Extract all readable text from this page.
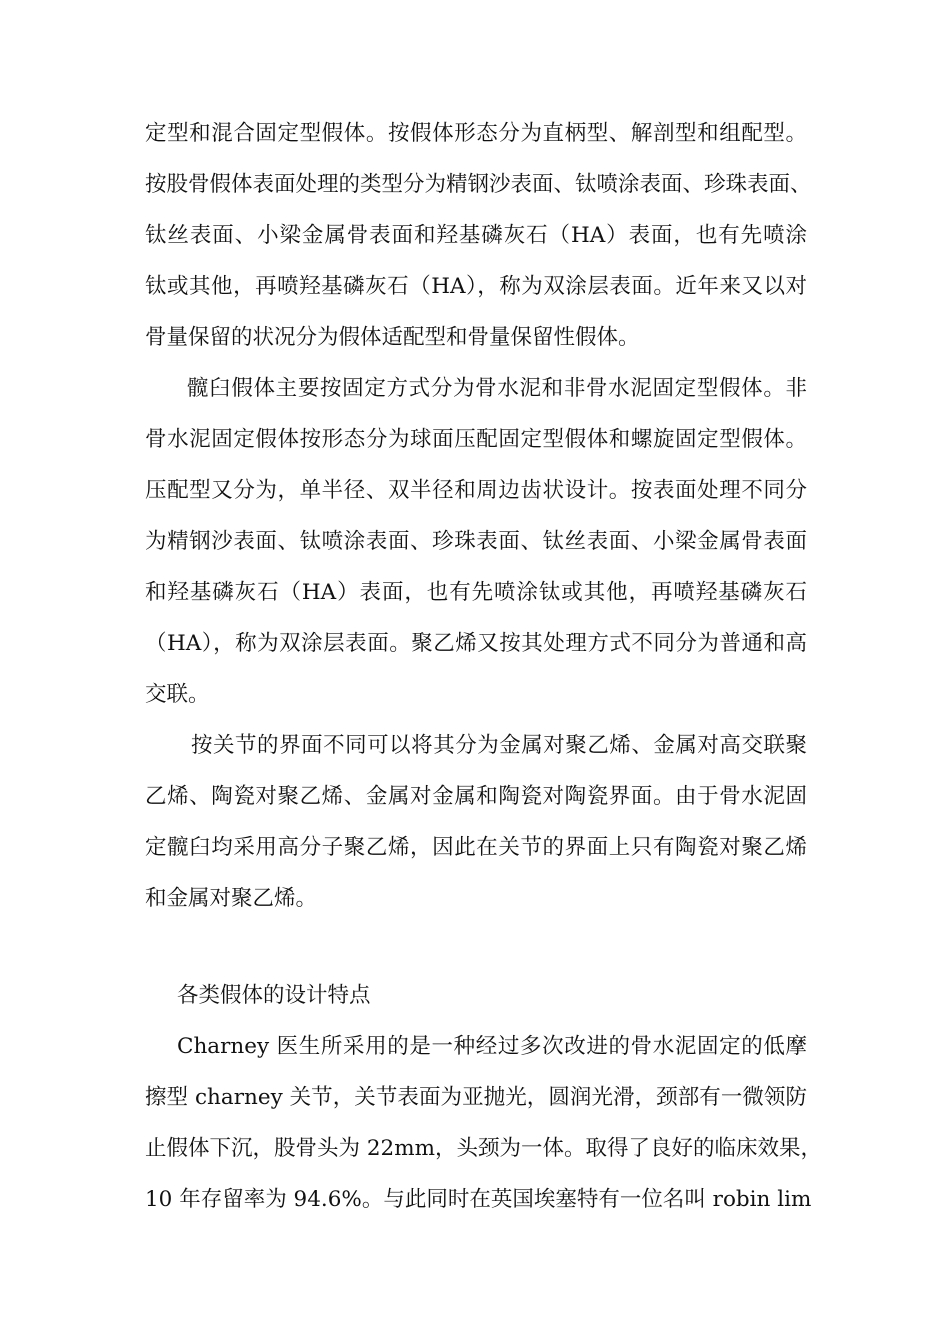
定型和混合固定型假体。按假体形态分为直柄型、解剖型和组配型。
按股骨假体表面处理的类型分为精钢沙表面、钛喷涂表面、珍珠表面、
钛丝表面、小梁金属骨表面和羟基磷灰石（HA）表面，也有先喷涂
钛或其他，再喷羟基磷灰石（HA），称为双涂层表面。近年来又以对
骨量保留的状况分为假体适配型和骨量保留性假体。
髋臼假体主要按固定方式分为骨水泥和非骨水泥固定型假体。非
骨水泥固定假体按形态分为球面压配固定型假体和螺旋固定型假体。
压配型又分为，单半径、双半径和周边齿状设计。按表面处理不同分
为精钢沙表面、钛喷涂表面、珍珠表面、钛丝表面、小梁金属骨表面
和羟基磷灰石（HA）表面，也有先喷涂钛或其他，再喷羟基磷灰石
（HA），称为双涂层表面。聚乙烯又按其处理方式不同分为普通和高
交联。
按关节的界面不同可以将其分为金属对聚乙烯、金属对高交联聚
乙烯、陶瓷对聚乙烯、金属对金属和陶瓷对陶瓷界面。由于骨水泥固
定髋臼均采用高分子聚乙烯，因此在关节的界面上只有陶瓷对聚乙烯
和金属对聚乙烯。
各类假体的设计特点
Charney 医生所采用的是一种经过多次改进的骨水泥固定的低摩
擦型 charney 关节，关节表面为亚抛光，圆润光滑，颈部有一微领防
止假体下沉，股骨头为 22mm，头颈为一体。取得了良好的临床效果，
10 年存留率为 94.6%。与此同时在英国埃塞特有一位名叫 robin lim
